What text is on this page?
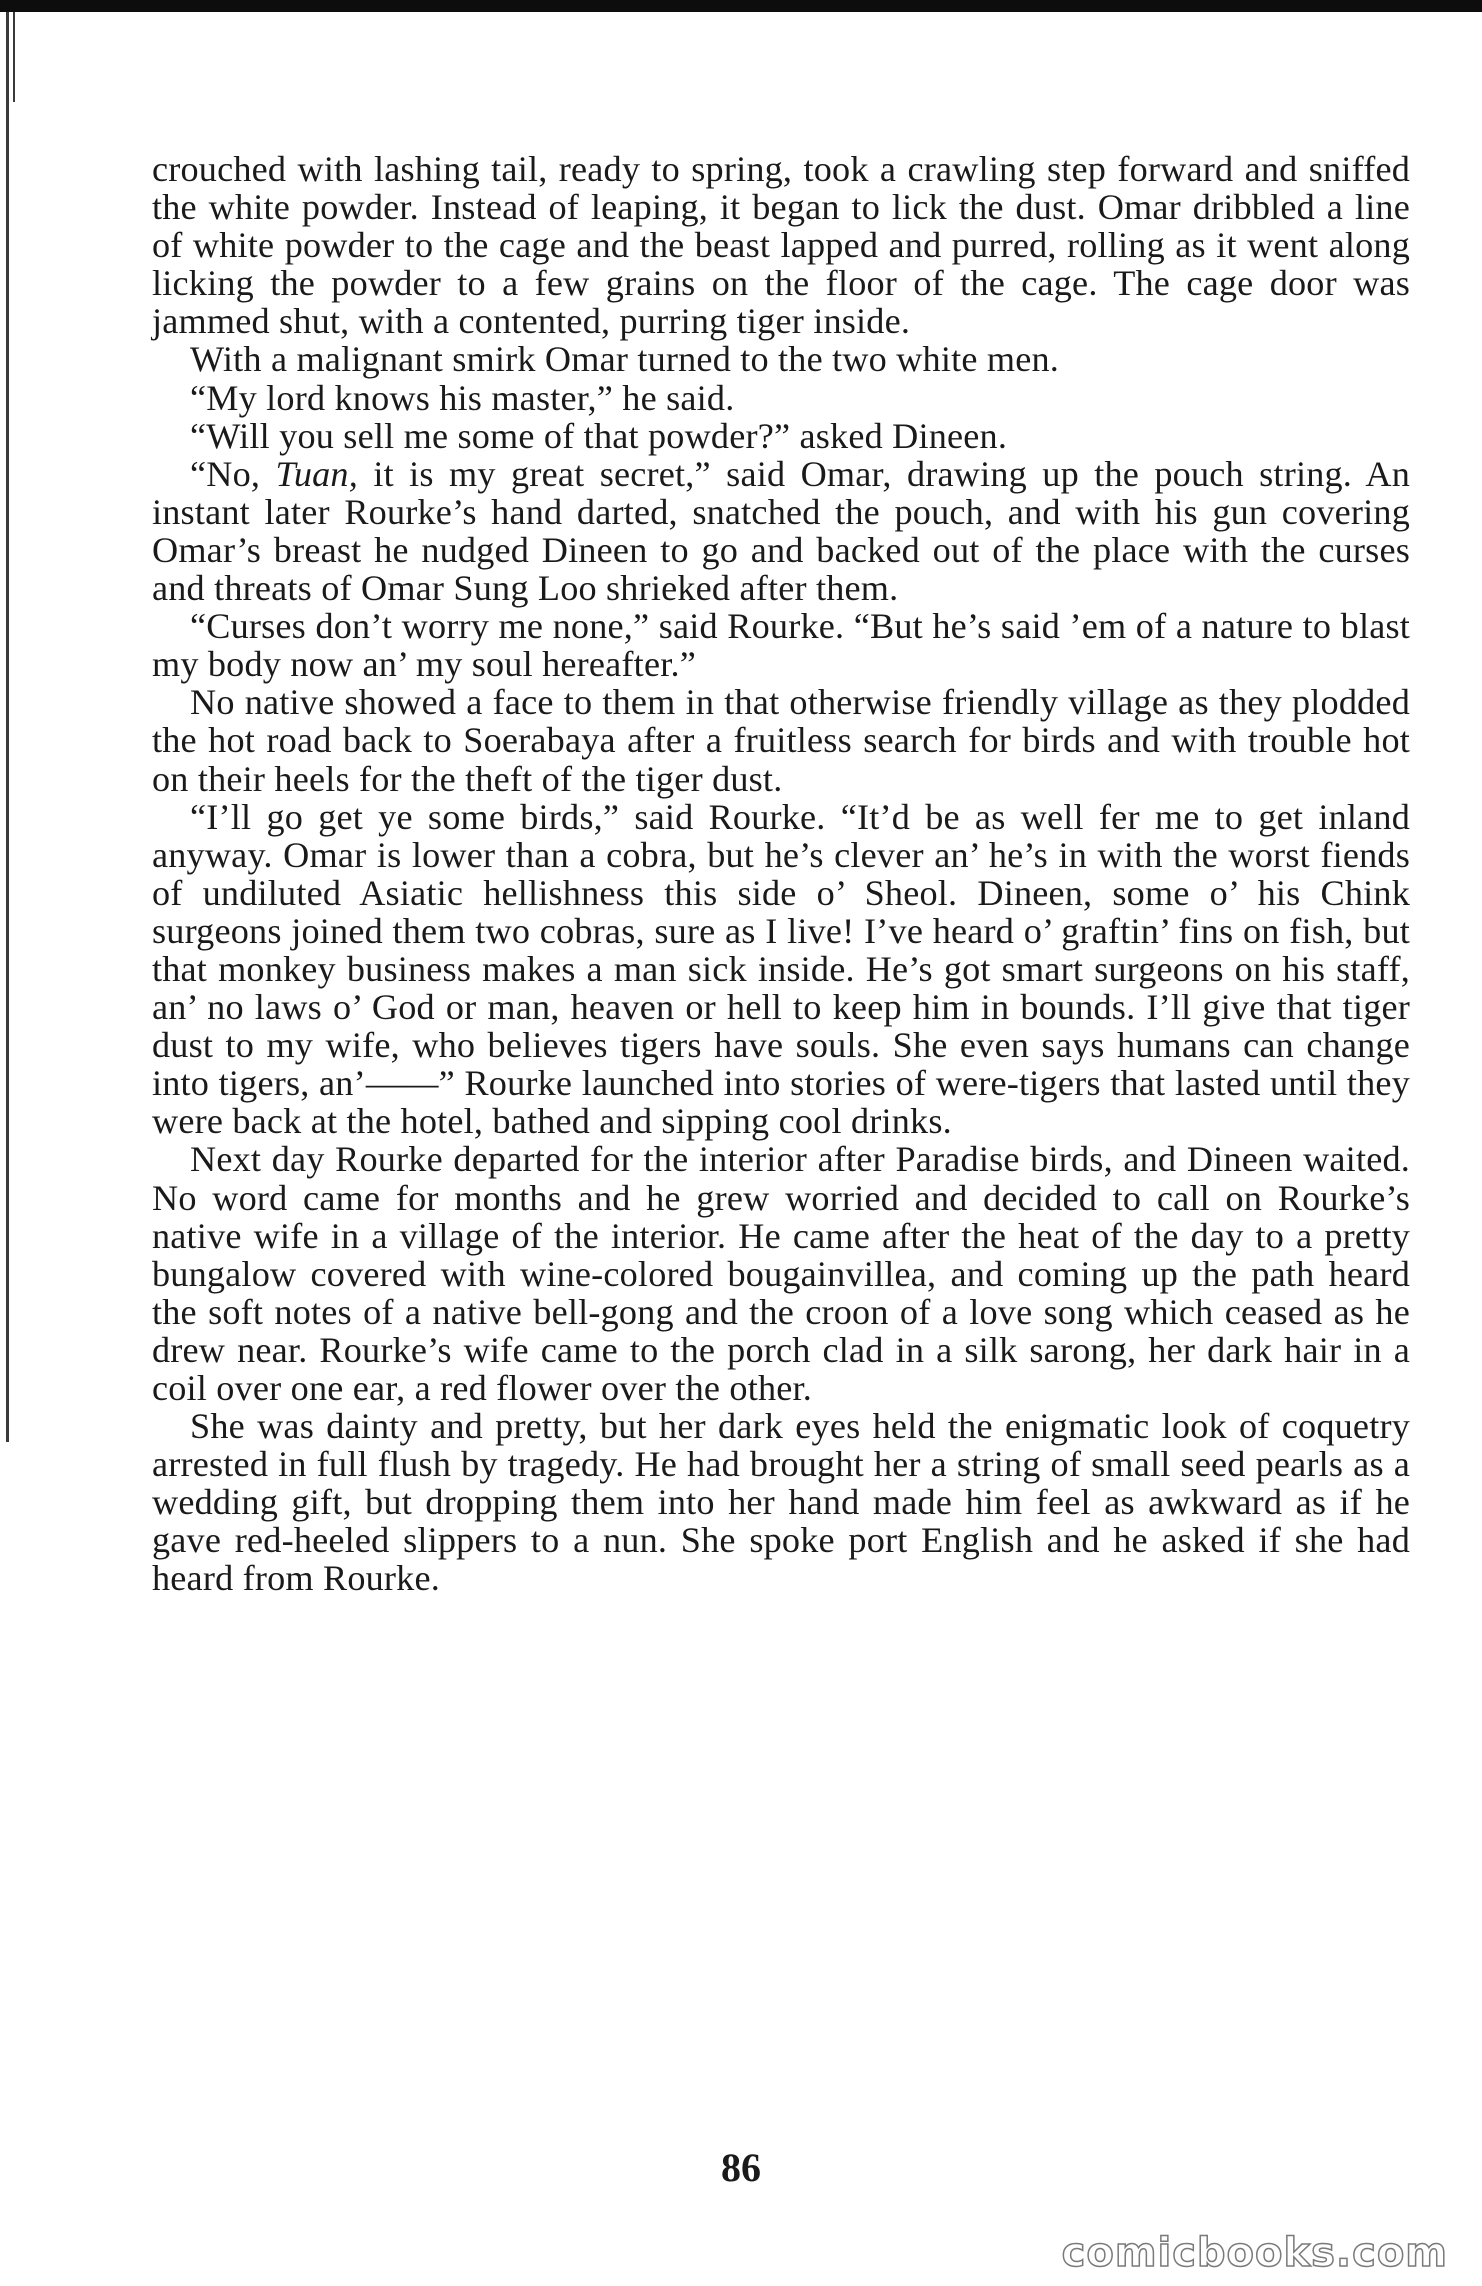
crouched with lashing tail, ready to spring, took a crawling step forward and sniffed the white powder. Instead of leaping, it began to lick the dust. Omar dribbled a line of white powder to the cage and the beast lapped and purred, rolling as it went along licking the powder to a few grains on the floor of the cage. The cage door was jammed shut, with a contented, purring tiger inside.

With a malignant smirk Omar turned to the two white men.

“My lord knows his master,” he said.

“Will you sell me some of that powder?” asked Dineen.

“No, Tuan, it is my great secret,” said Omar, drawing up the pouch string. An instant later Rourke’s hand darted, snatched the pouch, and with his gun covering Omar’s breast he nudged Dineen to go and backed out of the place with the curses and threats of Omar Sung Loo shrieked after them.

“Curses don’t worry me none,” said Rourke. “But he’s said ’em of a nature to blast my body now an’ my soul hereafter.”

No native showed a face to them in that otherwise friendly village as they plodded the hot road back to Soerabaya after a fruitless search for birds and with trouble hot on their heels for the theft of the tiger dust.

“I’ll go get ye some birds,” said Rourke. “It’d be as well fer me to get inland anyway. Omar is lower than a cobra, but he’s clever an’ he’s in with the worst fiends of undiluted Asiatic hellishness this side o’ Sheol. Dineen, some o’ his Chink surgeons joined them two cobras, sure as I live! I’ve heard o’ graftin’ fins on fish, but that monkey business makes a man sick inside. He’s got smart surgeons on his staff, an’ no laws o’ God or man, heaven or hell to keep him in bounds. I’ll give that tiger dust to my wife, who believes tigers have souls. She even says humans can change into tigers, an’——” Rourke launched into stories of were-tigers that lasted until they were back at the hotel, bathed and sipping cool drinks.

Next day Rourke departed for the interior after Paradise birds, and Dineen waited. No word came for months and he grew worried and decided to call on Rourke’s native wife in a village of the interior. He came after the heat of the day to a pretty bungalow covered with wine-colored bougainvillea, and coming up the path heard the soft notes of a native bell-gong and the croon of a love song which ceased as he drew near. Rourke’s wife came to the porch clad in a silk sarong, her dark hair in a coil over one ear, a red flower over the other.

She was dainty and pretty, but her dark eyes held the enigmatic look of coquetry arrested in full flush by tragedy. He had brought her a string of small seed pearls as a wedding gift, but dropping them into her hand made him feel as awkward as if he gave red-heeled slippers to a nun. She spoke port English and he asked if she had heard from Rourke.

86
comicbooks.com
